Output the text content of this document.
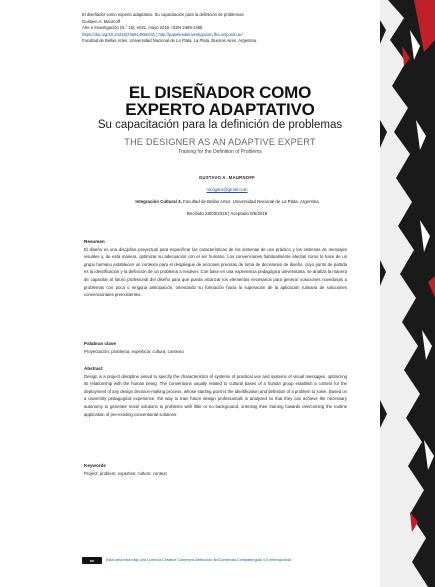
El diseñador como experto adaptativo. Su capacitación para la definición de problemas
Gustavo A. Maurnoff
Arte e Investigación (N.° 15), e031, mayo 2019. ISSN 2469-1488
https://doi.org/10.24215/24691488e031 | http://papelesdeinvestigacion.fba.unlp.edu.ar/
Facultad de Bellas Artes. Universidad Nacional de La Plata. La Plata. Buenos Aires. Argentina.
EL DISEÑADOR COMO
EXPERTO ADAPTATIVO
Su capacitación para la definición de problemas
THE DESIGNER AS AN ADAPTIVE EXPERT
Training for the Definition of Problems
GUSTAVO A. MAURNOFF
nicogam@gmail.com
Integración Cultural 3. Facultad de Bellas Artes. Universidad Nacional de La Plata. Argentina
Recibido 28/03/2019 | Aceptado 8/5/2019
Resumen
El diseño es una disciplina proyectual para especificar las características de los sistemas de uso práctico y los sistemas de mensajes visuales y, de esta manera, optimizar su adecuación con el ser humano. Los convenciones habitualmente afectan como lo hace de un grupo humano establecen un contexto para el despliegue de acciones precisas de toma de decisiones de diseño, cuyo punto de partida es la identificación y la definición de un problema a resolver. Con base en una experiencia pedagógica universitaria, se analiza la manera de capacitar al futuro profesional del diseño para que pueda alcanzar los elementos necesarios para generar soluciones novedosas a problemas con poca o ninguna anticipación, orientando su formación hacia la superación de la aplicación rutinaria de soluciones convencionales preexistentes.
Palabras clave
Proyectación; problema; experticia; cultura; contexto
Abstract
Design is a project discipline aimed to specify the characteristics of systems of practical use and systems of visual messages, optimizing its relationship with the human being. The conventions usually related to cultural bases of a human group establish a context for the deployment of any design decision-making process, whose starting point is the identification and definition of a problem to solve. Based on a university pedagogical experience, the way to train future design professionals is analyzed so that they can achieve the necessary autonomy to generate novel solutions to problems with little or no background, orienting their training towards overcoming the routine application of pre-existing conventional solutions.
Keywords
Project; problem; expertise; culture; context
cc	Esta obra está bajo una Licencia Creative Commons Atribución-NoComercial-CompartirIgual 4.0 Internacional
